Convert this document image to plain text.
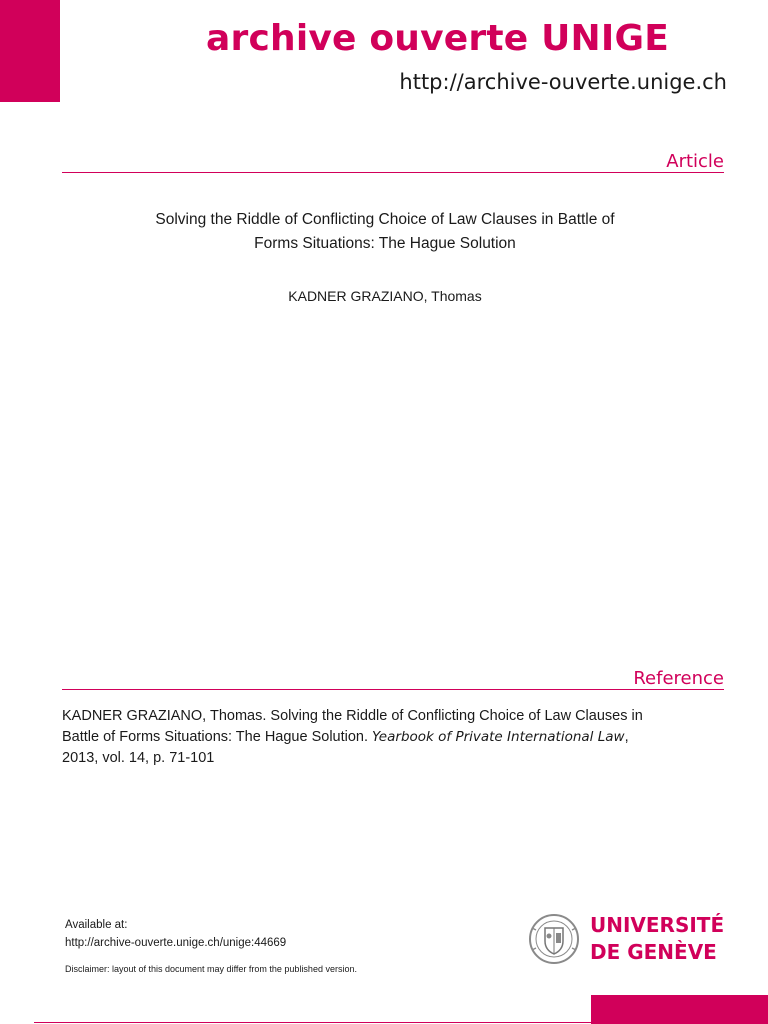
archive ouverte UNIGE
http://archive-ouverte.unige.ch
Article
Solving the Riddle of Conflicting Choice of Law Clauses in Battle of
Forms Situations: The Hague Solution
KADNER GRAZIANO, Thomas
Reference
KADNER GRAZIANO, Thomas. Solving the Riddle of Conflicting Choice of Law Clauses in
Battle of Forms Situations: The Hague Solution. Yearbook of Private International Law,
2013, vol. 14, p. 71-101
Available at:
http://archive-ouverte.unige.ch/unige:44669
Disclaimer: layout of this document may differ from the published version.
UNIVERSITÉ
DE GENÈVE
